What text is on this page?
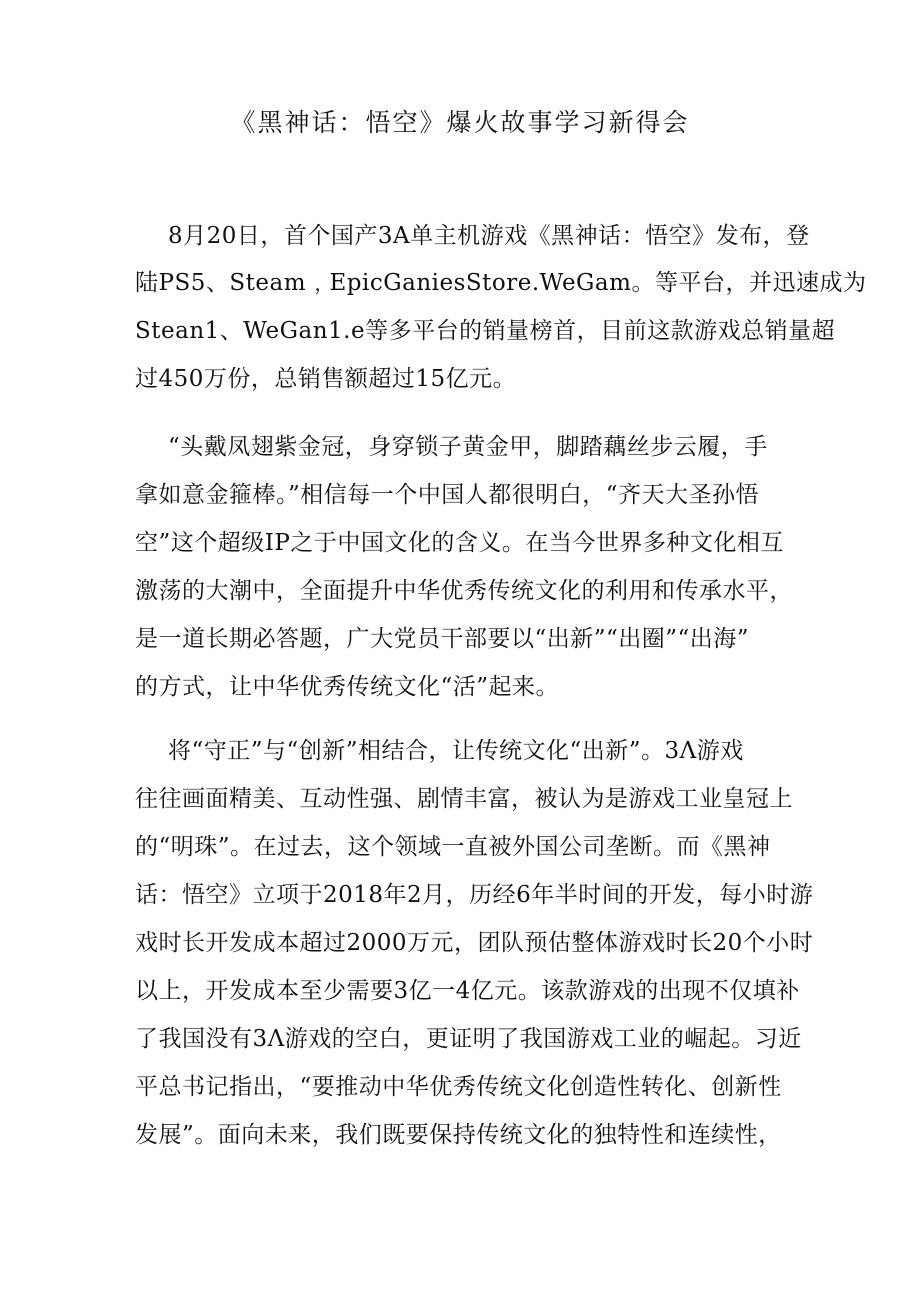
《黑神话：悟空》爆火故事学习新得会

8月20日，首个国产3A单主机游戏《黑神话：悟空》发布，登

陆PS5、Steam﹐EpicGaniesStore.WeGam。等平台，并迅速成为

Stean1、WeGan1.e等多平台的销量榜首，目前这款游戏总销量超

过450万份，总销售额超过15亿元。

“头戴凤翅紫金冠，身穿锁子黄金甲，脚踏藕丝步云履，手

拿如意金箍棒。”相信每一个中国人都很明白，“齐天大圣孙悟

空”这个超级IP之于中国文化的含义。在当今世界多种文化相互

激荡的大潮中，全面提升中华优秀传统文化的利用和传承水平，

是一道长期必答题，广大党员干部要以“出新”“出圈”“出海”

的方式，让中华优秀传统文化“活”起来。

将“守正”与“创新”相结合，让传统文化“出新”。3Λ游戏

往往画面精美、互动性强、剧情丰富，被认为是游戏工业皇冠上

的“明珠”。在过去，这个领域一直被外国公司垄断。而《黑神

话：悟空》立项于2018年2月，历经6年半时间的开发，每小时游

戏时长开发成本超过2000万元，团队预估整体游戏时长20个小时

以上，开发成本至少需要3亿一4亿元。该款游戏的出现不仅填补

了我国没有3Λ游戏的空白，更证明了我国游戏工业的崛起。习近

平总书记指出，“要推动中华优秀传统文化创造性转化、创新性

发展”。面向未来，我们既要保持传统文化的独特性和连续性，
